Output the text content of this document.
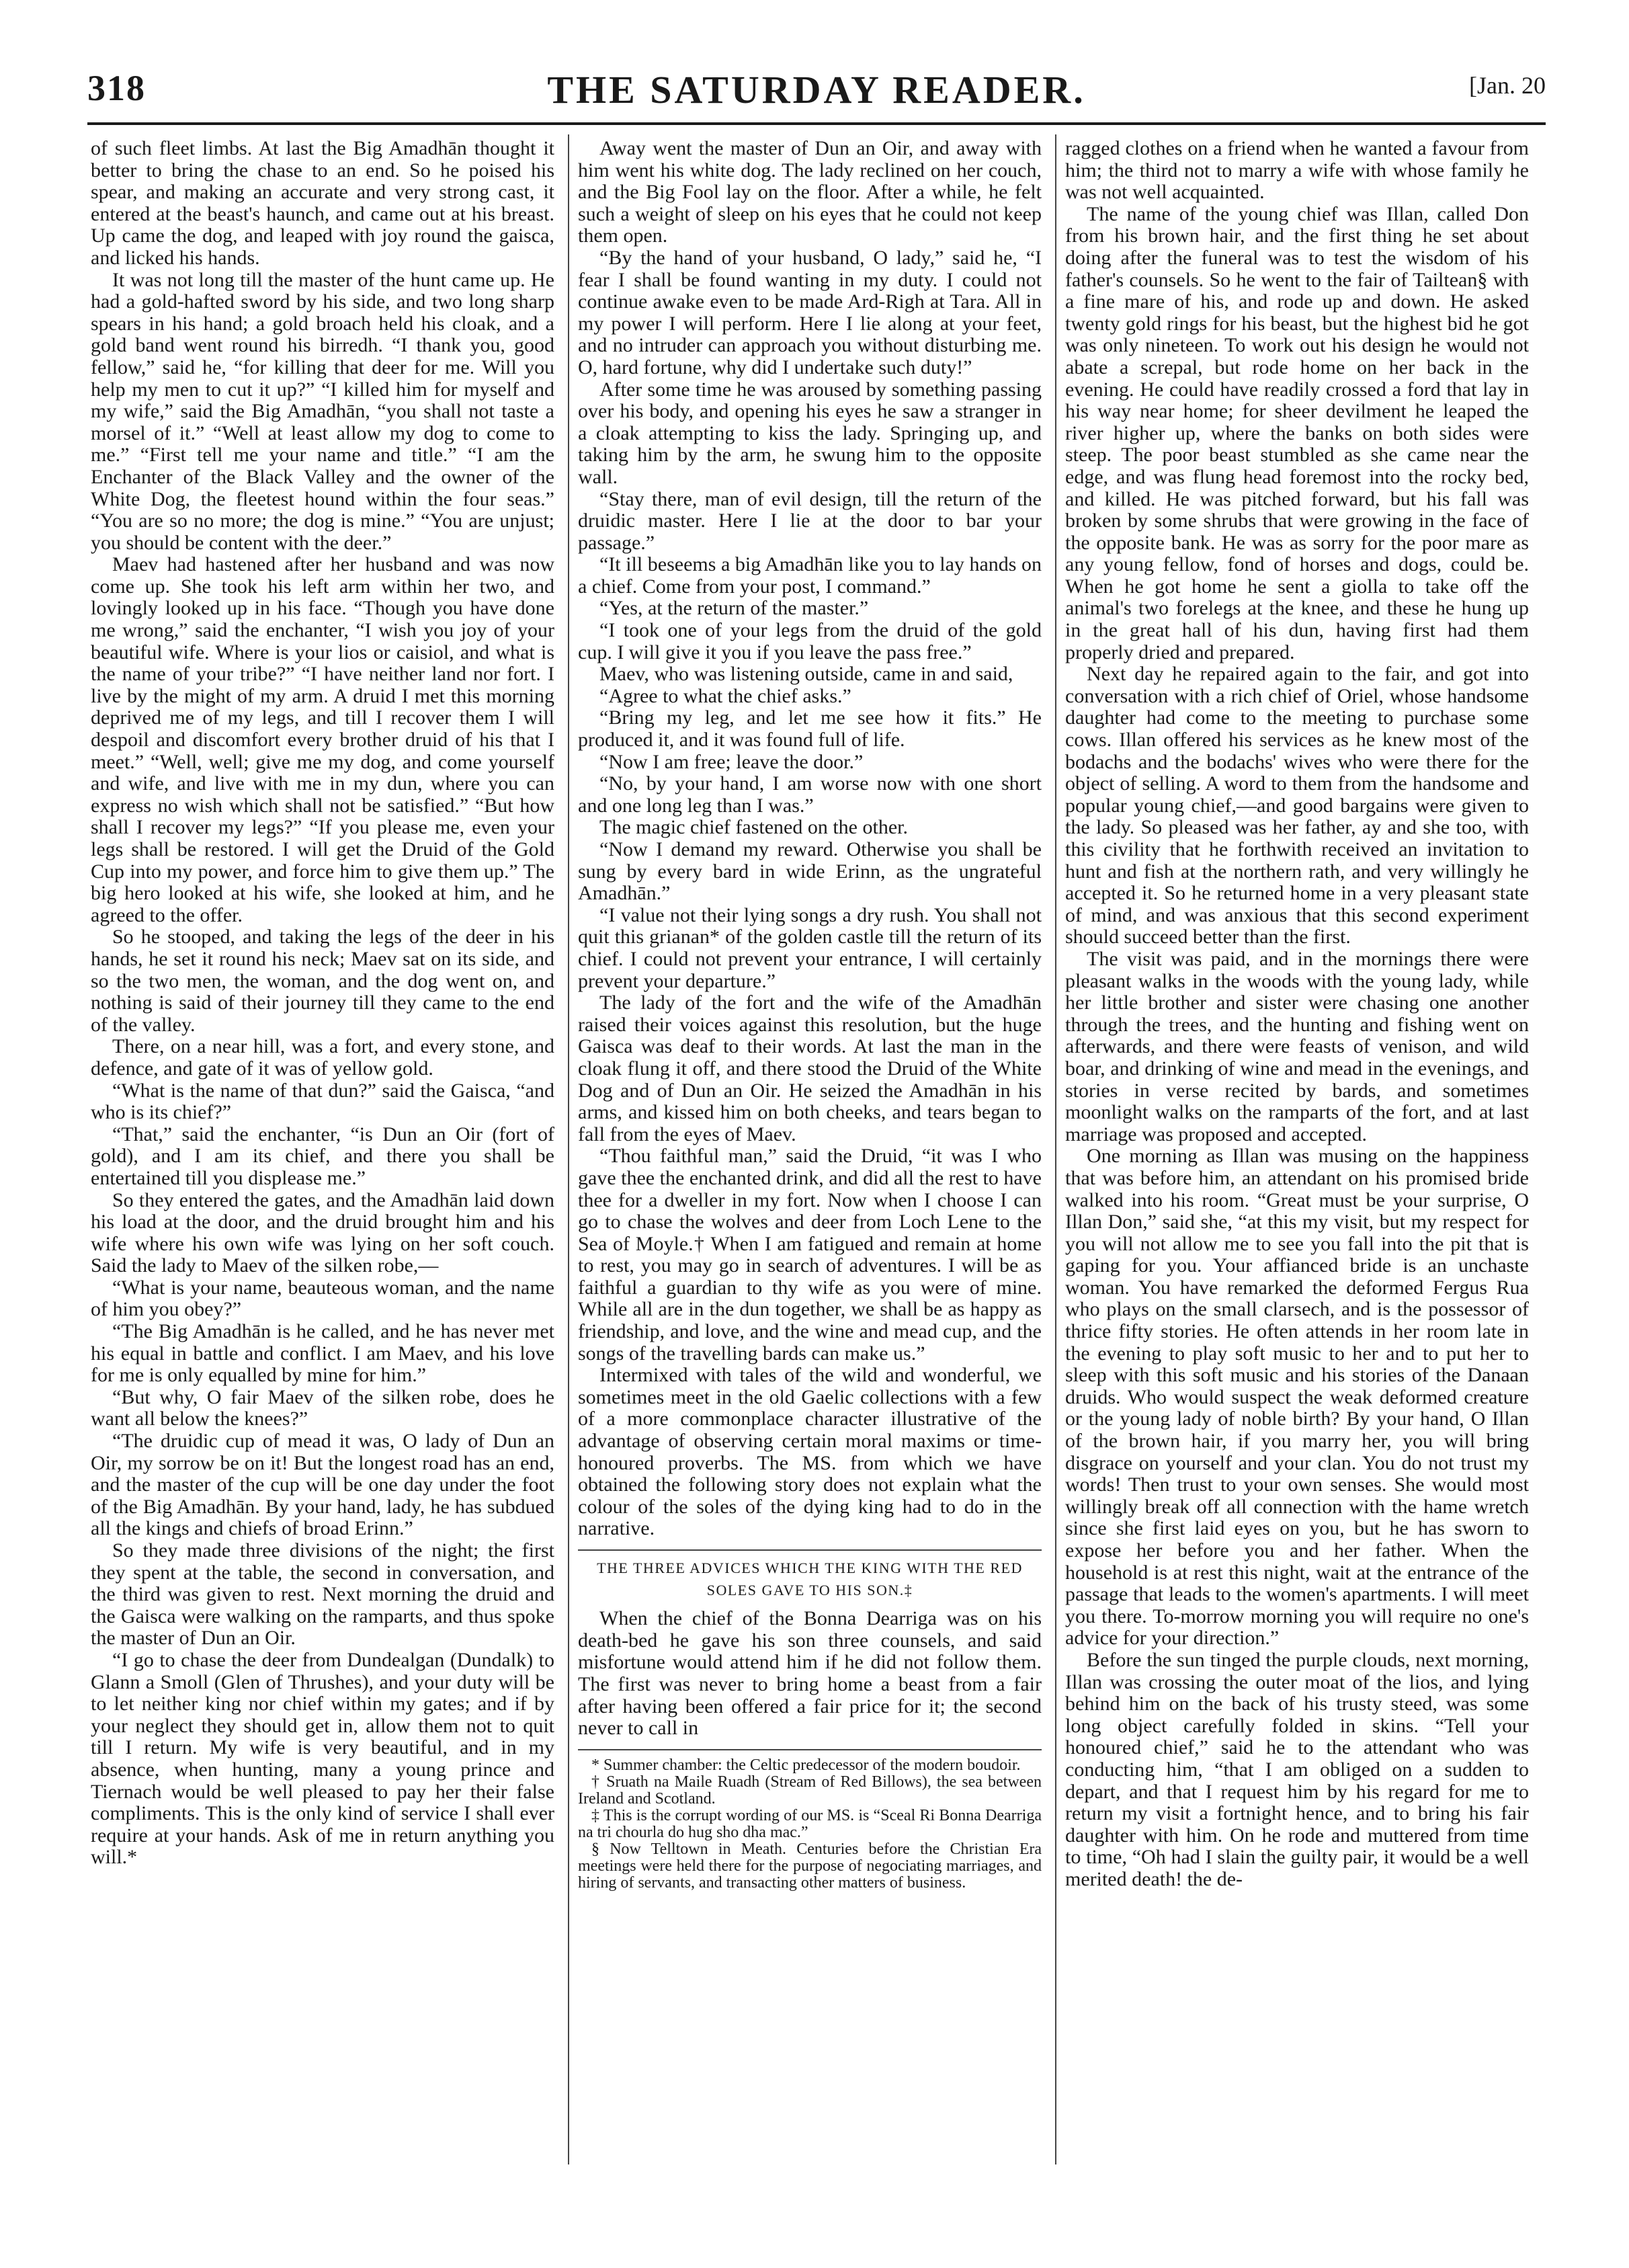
318	THE SATURDAY READER.	[Jan. 20

of such fleet limbs. At last the Big Amadhān thought it better to bring the chase to an end. So he poised his spear, and making an accurate and very strong cast, it entered at the beast's haunch, and came out at his breast. Up came the dog, and leaped with joy round the gaisca, and licked his hands.

It was not long till the master of the hunt came up. He had a gold-hafted sword by his side, and two long sharp spears in his hand; a gold broach held his cloak, and a gold band went round his birredh. “I thank you, good fellow,” said he, “for killing that deer for me. Will you help my men to cut it up?” “I killed him for myself and my wife,” said the Big Amadhān, “you shall not taste a morsel of it.” “Well at least allow my dog to come to me.” “First tell me your name and title.” “I am the Enchanter of the Black Valley and the owner of the White Dog, the fleetest hound within the four seas.” “You are so no more; the dog is mine.” “You are unjust; you should be content with the deer.”

Maev had hastened after her husband and was now come up. She took his left arm within her two, and lovingly looked up in his face. “Though you have done me wrong,” said the enchanter, “I wish you joy of your beautiful wife. Where is your lios or caisiol, and what is the name of your tribe?” “I have neither land nor fort. I live by the might of my arm. A druid I met this morning deprived me of my legs, and till I recover them I will despoil and discomfort every brother druid of his that I meet.” “Well, well; give me my dog, and come yourself and wife, and live with me in my dun, where you can express no wish which shall not be satisfied.” “But how shall I recover my legs?” “If you please me, even your legs shall be restored. I will get the Druid of the Gold Cup into my power, and force him to give them up.” The big hero looked at his wife, she looked at him, and he agreed to the offer.

So he stooped, and taking the legs of the deer in his hands, he set it round his neck; Maev sat on its side, and so the two men, the woman, and the dog went on, and nothing is said of their journey till they came to the end of the valley.

There, on a near hill, was a fort, and every stone, and defence, and gate of it was of yellow gold.

“What is the name of that dun?” said the Gaisca, “and who is its chief?”

“That,” said the enchanter, “is Dun an Oir (fort of gold), and I am its chief, and there you shall be entertained till you displease me.”

So they entered the gates, and the Amadhān laid down his load at the door, and the druid brought him and his wife where his own wife was lying on her soft couch. Said the lady to Maev of the silken robe,—

“What is your name, beauteous woman, and the name of him you obey?”

“The Big Amadhān is he called, and he has never met his equal in battle and conflict. I am Maev, and his love for me is only equalled by mine for him.”

“But why, O fair Maev of the silken robe, does he want all below the knees?”

“The druidic cup of mead it was, O lady of Dun an Oir, my sorrow be on it! But the longest road has an end, and the master of the cup will be one day under the foot of the Big Amadhān. By your hand, lady, he has subdued all the kings and chiefs of broad Erinn.”

So they made three divisions of the night; the first they spent at the table, the second in conversation, and the third was given to rest. Next morning the druid and the Gaisca were walking on the ramparts, and thus spoke the master of Dun an Oir.

“I go to chase the deer from Dundealgan (Dundalk) to Glann a Smoll (Glen of Thrushes), and your duty will be to let neither king nor chief within my gates; and if by your neglect they should get in, allow them not to quit till I return. My wife is very beautiful, and in my absence, when hunting, many a young prince and Tiernach would be well pleased to pay her their false compliments. This is the only kind of service I shall ever require at your hands. Ask of me in return anything you will.*

Away went the master of Dun an Oir, and away with him went his white dog. The lady reclined on her couch, and the Big Fool lay on the floor. After a while, he felt such a weight of sleep on his eyes that he could not keep them open.

“By the hand of your husband, O lady,” said he, “I fear I shall be found wanting in my duty. I could not continue awake even to be made Ard-Righ at Tara. All in my power I will perform. Here I lie along at your feet, and no intruder can approach you without disturbing me. O, hard fortune, why did I undertake such duty!”

After some time he was aroused by something passing over his body, and opening his eyes he saw a stranger in a cloak attempting to kiss the lady. Springing up, and taking him by the arm, he swung him to the opposite wall.

“Stay there, man of evil design, till the return of the druidic master. Here I lie at the door to bar your passage.”

“It ill beseems a big Amadhān like you to lay hands on a chief. Come from your post, I command.”

“Yes, at the return of the master.”

“I took one of your legs from the druid of the gold cup. I will give it you if you leave the pass free.”

Maev, who was listening outside, came in and said,

“Agree to what the chief asks.”

“Bring my leg, and let me see how it fits.” He produced it, and it was found full of life.

“Now I am free; leave the door.”

“No, by your hand, I am worse now with one short and one long leg than I was.”

The magic chief fastened on the other.

“Now I demand my reward. Otherwise you shall be sung by every bard in wide Erinn, as the ungrateful Amadhān.”

“I value not their lying songs a dry rush. You shall not quit this grianan* of the golden castle till the return of its chief. I could not prevent your entrance, I will certainly prevent your departure.”

The lady of the fort and the wife of the Amadhān raised their voices against this resolution, but the huge Gaisca was deaf to their words. At last the man in the cloak flung it off, and there stood the Druid of the White Dog and of Dun an Oir. He seized the Amadhān in his arms, and kissed him on both cheeks, and tears began to fall from the eyes of Maev.

“Thou faithful man,” said the Druid, “it was I who gave thee the enchanted drink, and did all the rest to have thee for a dweller in my fort. Now when I choose I can go to chase the wolves and deer from Loch Lene to the Sea of Moyle.† When I am fatigued and remain at home to rest, you may go in search of adventures. I will be as faithful a guardian to thy wife as you were of mine. While all are in the dun together, we shall be as happy as friendship, and love, and the wine and mead cup, and the songs of the travelling bards can make us.”

Intermixed with tales of the wild and wonderful, we sometimes meet in the old Gaelic collections with a few of a more commonplace character illustrative of the advantage of observing certain moral maxims or time-honoured proverbs. The MS. from which we have obtained the following story does not explain what the colour of the soles of the dying king had to do in the narrative.

THE THREE ADVICES WHICH THE KING WITH THE RED SOLES GAVE TO HIS SON.‡

When the chief of the Bonna Dearriga was on his death-bed he gave his son three counsels, and said misfortune would attend him if he did not follow them. The first was never to bring home a beast from a fair after having been offered a fair price for it; the second never to call in

* Summer chamber: the Celtic predecessor of the modern boudoir.

† Sruath na Maile Ruadh (Stream of Red Billows), the sea between Ireland and Scotland.

‡ This is the corrupt wording of our MS. is “Sceal Ri Bonna Dearriga na tri chourla do hug sho dha mac.”

§ Now Telltown in Meath. Centuries before the Christian Era meetings were held there for the purpose of negociating marriages, and hiring of servants, and transacting other matters of business.

ragged clothes on a friend when he wanted a favour from him; the third not to marry a wife with whose family he was not well acquainted.

The name of the young chief was Illan, called Don from his brown hair, and the first thing he set about doing after the funeral was to test the wisdom of his father's counsels. So he went to the fair of Tailtean§ with a fine mare of his, and rode up and down. He asked twenty gold rings for his beast, but the highest bid he got was only nineteen. To work out his design he would not abate a screpal, but rode home on her back in the evening. He could have readily crossed a ford that lay in his way near home; for sheer devilment he leaped the river higher up, where the banks on both sides were steep. The poor beast stumbled as she came near the edge, and was flung head foremost into the rocky bed, and killed. He was pitched forward, but his fall was broken by some shrubs that were growing in the face of the opposite bank. He was as sorry for the poor mare as any young fellow, fond of horses and dogs, could be. When he got home he sent a giolla to take off the animal's two forelegs at the knee, and these he hung up in the great hall of his dun, having first had them properly dried and prepared.

Next day he repaired again to the fair, and got into conversation with a rich chief of Oriel, whose handsome daughter had come to the meeting to purchase some cows. Illan offered his services as he knew most of the bodachs and the bodachs' wives who were there for the object of selling. A word to them from the handsome and popular young chief,—and good bargains were given to the lady. So pleased was her father, ay and she too, with this civility that he forthwith received an invitation to hunt and fish at the northern rath, and very willingly he accepted it. So he returned home in a very pleasant state of mind, and was anxious that this second experiment should succeed better than the first.

The visit was paid, and in the mornings there were pleasant walks in the woods with the young lady, while her little brother and sister were chasing one another through the trees, and the hunting and fishing went on afterwards, and there were feasts of venison, and wild boar, and drinking of wine and mead in the evenings, and stories in verse recited by bards, and sometimes moonlight walks on the ramparts of the fort, and at last marriage was proposed and accepted.

One morning as Illan was musing on the happiness that was before him, an attendant on his promised bride walked into his room. “Great must be your surprise, O Illan Don,” said she, “at this my visit, but my respect for you will not allow me to see you fall into the pit that is gaping for you. Your affianced bride is an unchaste woman. You have remarked the deformed Fergus Rua who plays on the small clarsech, and is the possessor of thrice fifty stories. He often attends in her room late in the evening to play soft music to her and to put her to sleep with this soft music and his stories of the Danaan druids. Who would suspect the weak deformed creature or the young lady of noble birth? By your hand, O Illan of the brown hair, if you marry her, you will bring disgrace on yourself and your clan. You do not trust my words! Then trust to your own senses. She would most willingly break off all connection with the hame wretch since she first laid eyes on you, but he has sworn to expose her before you and her father. When the household is at rest this night, wait at the entrance of the passage that leads to the women's apartments. I will meet you there. To-morrow morning you will require no one's advice for your direction.”

Before the sun tinged the purple clouds, next morning, Illan was crossing the outer moat of the lios, and lying behind him on the back of his trusty steed, was some long object carefully folded in skins. “Tell your honoured chief,” said he to the attendant who was conducting him, “that I am obliged on a sudden to depart, and that I request him by his regard for me to return my visit a fortnight hence, and to bring his fair daughter with him. On he rode and muttered from time to time, “Oh had I slain the guilty pair, it would be a well merited death! the de-
